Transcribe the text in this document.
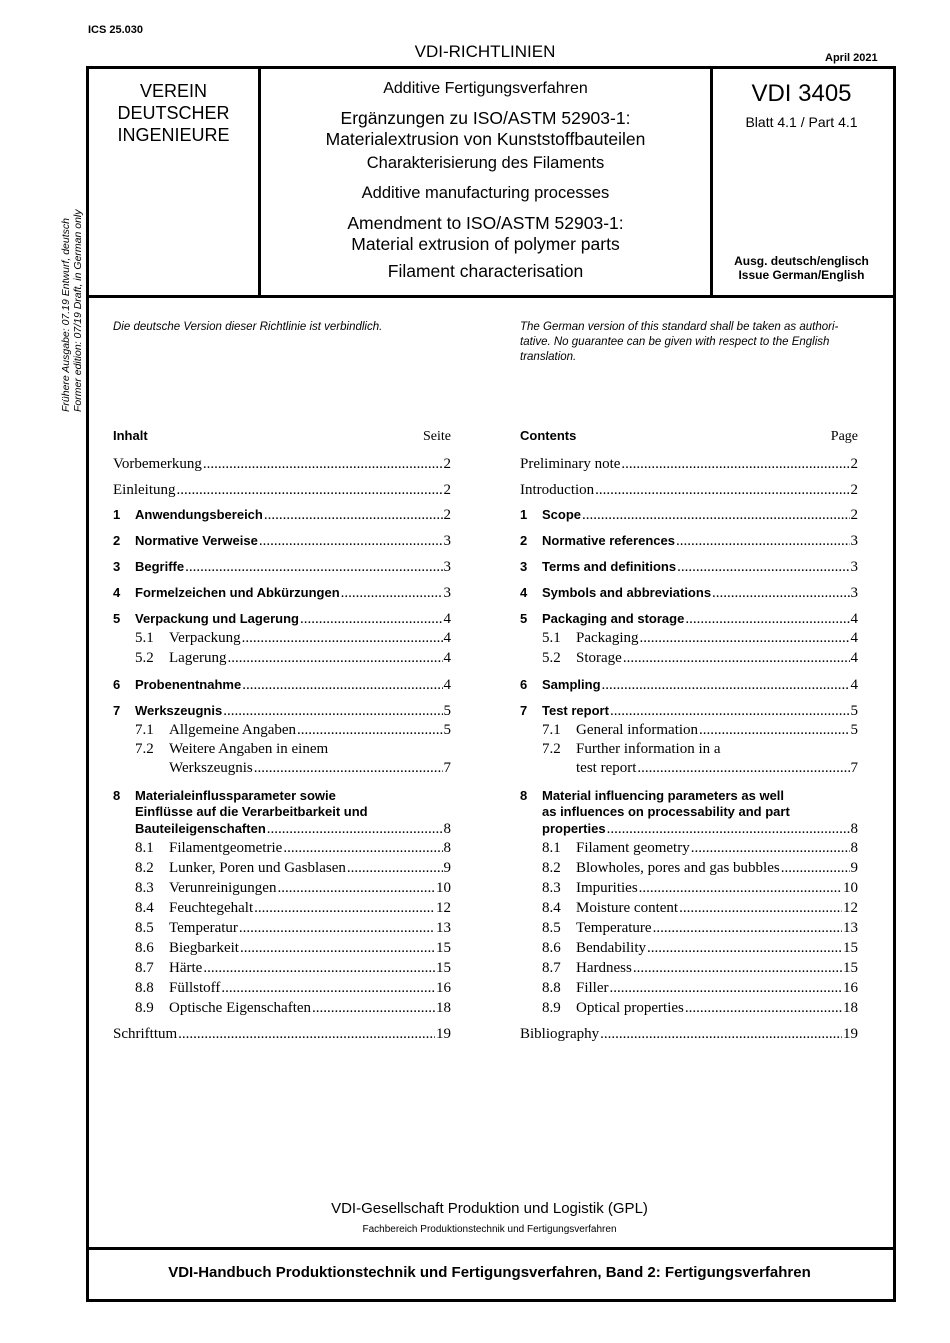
ICS 25.030
VDI-RICHTLINIEN	April 2021
Frühere Ausgabe: 07.19 Entwurf, deutsch Former edition: 07/19 Draft, in German only
VEREIN
DEUTSCHER
INGENIEURE
Additive Fertigungsverfahren
Ergänzungen zu ISO/ASTM 52903-1:
Materialextrusion von Kunststoffbauteilen
Charakterisierung des Filaments
Additive manufacturing processes
Amendment to ISO/ASTM 52903-1:
Material extrusion of polymer parts
Filament characterisation
VDI 3405
Blatt 4.1 / Part 4.1
Ausg. deutsch/englisch
Issue German/English
Die deutsche Version dieser Richtlinie ist verbindlich.	The German version of this standard shall be taken as authori-
tative. No guarantee can be given with respect to the English
translation.
Inhalt	Seite
Vorbemerkung .....	2
Einleitung .....	2
1	Anwendungsbereich .....	2
2	Normative Verweise .....	3
3	Begriffe .....	3
4	Formelzeichen und Abkürzungen .....	3
5	Verpackung und Lagerung .....	4
5.1	Verpackung .....	4
5.2	Lagerung .....	4
6	Probenentnahme .....	4
7	Werkszeugnis .....	5
7.1	Allgemeine Angaben .....	5
7.2 Weitere Angaben in einem
Werkszeugnis .....	7
8 Materialeinflussparameter sowie
Einflüsse auf die Verarbeitbarkeit und
Bauteileigenschaften .....	8
8.1	Filamentgeometrie .....	8
8.2	Lunker, Poren und Gasblasen .....	9
8.3	Verunreinigungen .....	10
8.4	Feuchtegehalt .....	12
8.5	Temperatur .....	13
8.6	Biegbarkeit .....	15
8.7	Härte .....	15
8.8	Füllstoff .....	16
8.9	Optische Eigenschaften .....	18
Schrifttum .....	19
Contents	Page
Preliminary note .....	2
Introduction .....	2
1	Scope .....	2
2	Normative references .....	3
3	Terms and definitions .....	3
4	Symbols and abbreviations .....	3
5	Packaging and storage .....	4
5.1	Packaging .....	4
5.2	Storage .....	4
6	Sampling .....	4
7	Test report .....	5
7.1	General information .....	5
7.2 Further information in a
test report .....	7
8 Material influencing parameters as well
as influences on processability and part
properties .....	8
8.1	Filament geometry .....	8
8.2	Blowholes, pores and gas bubbles .....	9
8.3	Impurities .....	10
8.4	Moisture content .....	12
8.5	Temperature .....	13
8.6	Bendability .....	15
8.7	Hardness .....	15
8.8	Filler .....	16
8.9	Optical properties .....	18
Bibliography .....	19
VDI-Gesellschaft Produktion und Logistik (GPL)
Fachbereich Produktionstechnik und Fertigungsverfahren
VDI-Handbuch Produktionstechnik und Fertigungsverfahren, Band 2: Fertigungsverfahren
